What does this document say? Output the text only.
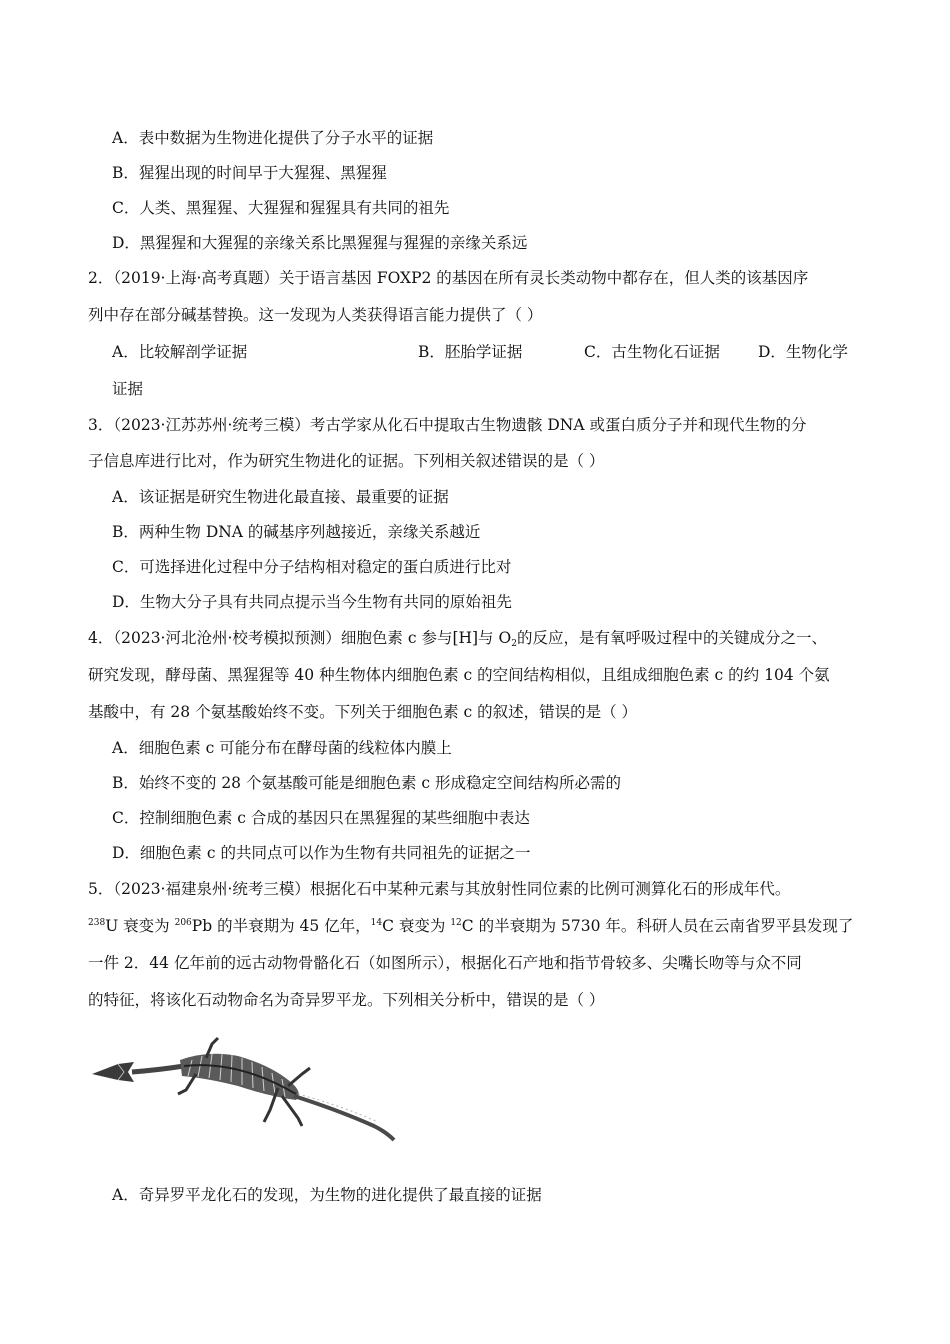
A．表中数据为生物进化提供了分子水平的证据
B．猩猩出现的时间早于大猩猩、黑猩猩
C．人类、黑猩猩、大猩猩和猩猩具有共同的祖先
D．黑猩猩和大猩猩的亲缘关系比黑猩猩与猩猩的亲缘关系远
2．（2019·上海·高考真题）关于语言基因 FOXP2 的基因在所有灵长类动物中都存在，但人类的该基因序
列中存在部分碱基替换。这一发现为人类获得语言能力提供了（ ）
A．比较解剖学证据	B．胚胎学证据	C．古生物化石证据 D．生物化学
证据
3．（2023·江苏苏州·统考三模）考古学家从化石中提取古生物遗骸 DNA 或蛋白质分子并和现代生物的分
子信息库进行比对，作为研究生物进化的证据。下列相关叙述错误的是（ ）
A．该证据是研究生物进化最直接、最重要的证据
B．两种生物 DNA 的碱基序列越接近，亲缘关系越近
C．可选择进化过程中分子结构相对稳定的蛋白质进行比对
D．生物大分子具有共同点提示当今生物有共同的原始祖先
4．（2023·河北沧州·校考模拟预测）细胞色素 c 参与[H]与 $O_2$的反应，是有氧呼吸过程中的关键成分之一、
研究发现，酵母菌、黑猩猩等 40 种生物体内细胞色素 c 的空间结构相似，且组成细胞色素 c 的约 104 个氨
基酸中，有 28 个氨基酸始终不变。下列关于细胞色素 c 的叙述，错误的是（ ）
A．细胞色素 c 可能分布在酵母菌的线粒体内膜上
B．始终不变的 28 个氨基酸可能是细胞色素 c 形成稳定空间结构所必需的
C．控制细胞色素 c 合成的基因只在黑猩猩的某些细胞中表达
D．细胞色素 c 的共同点可以作为生物有共同祖先的证据之一
5．（2023·福建泉州·统考三模）根据化石中某种元素与其放射性同位素的比例可测算化石的形成年代。
$^{238}$U 衰变为 $^{206}$Pb 的半衰期为 45 亿年，$^{14}$C 衰变为 $^{12}$C 的半衰期为 5730 年。科研人员在云南省罗平县发现了
一件 2．44 亿年前的远古动物骨骼化石（如图所示），根据化石产地和指节骨较多、尖嘴长吻等与众不同
的特征，将该化石动物命名为奇异罗平龙。下列相关分析中，错误的是（ ）
A．奇异罗平龙化石的发现，为生物的进化提供了最直接的证据
